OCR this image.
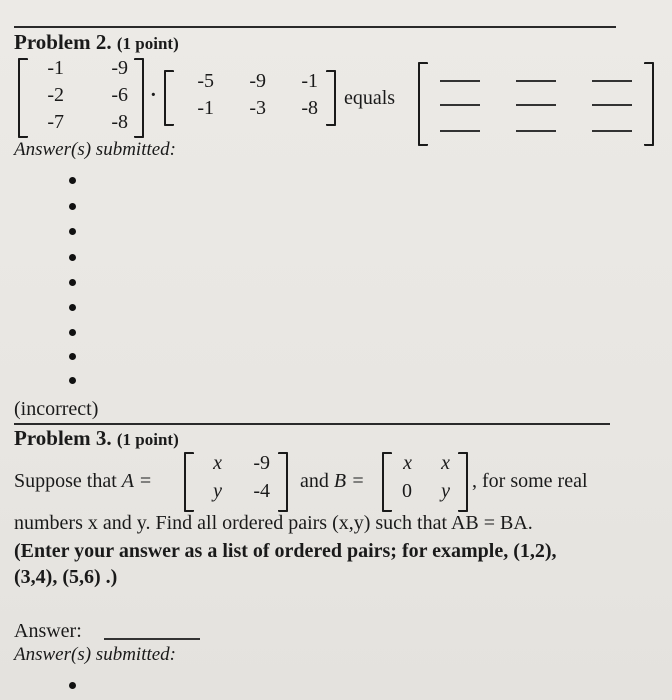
Problem 2. (1 point)
-1	-9
-2	-6
-7	-8
·
-5	-9	-1
-1	-3	-8 equals
Answer(s) submitted:
(incorrect)
Problem 3. (1 point)
Suppose that A =
x	-9
y	-4 and B =
x	x
0	y , for some real
numbers x and y. Find all ordered pairs (x,y) such that AB = BA.
(Enter your answer as a list of ordered pairs; for example, (1,2),
(3,4), (5,6) .)
Answer:
Answer(s) submitted:
